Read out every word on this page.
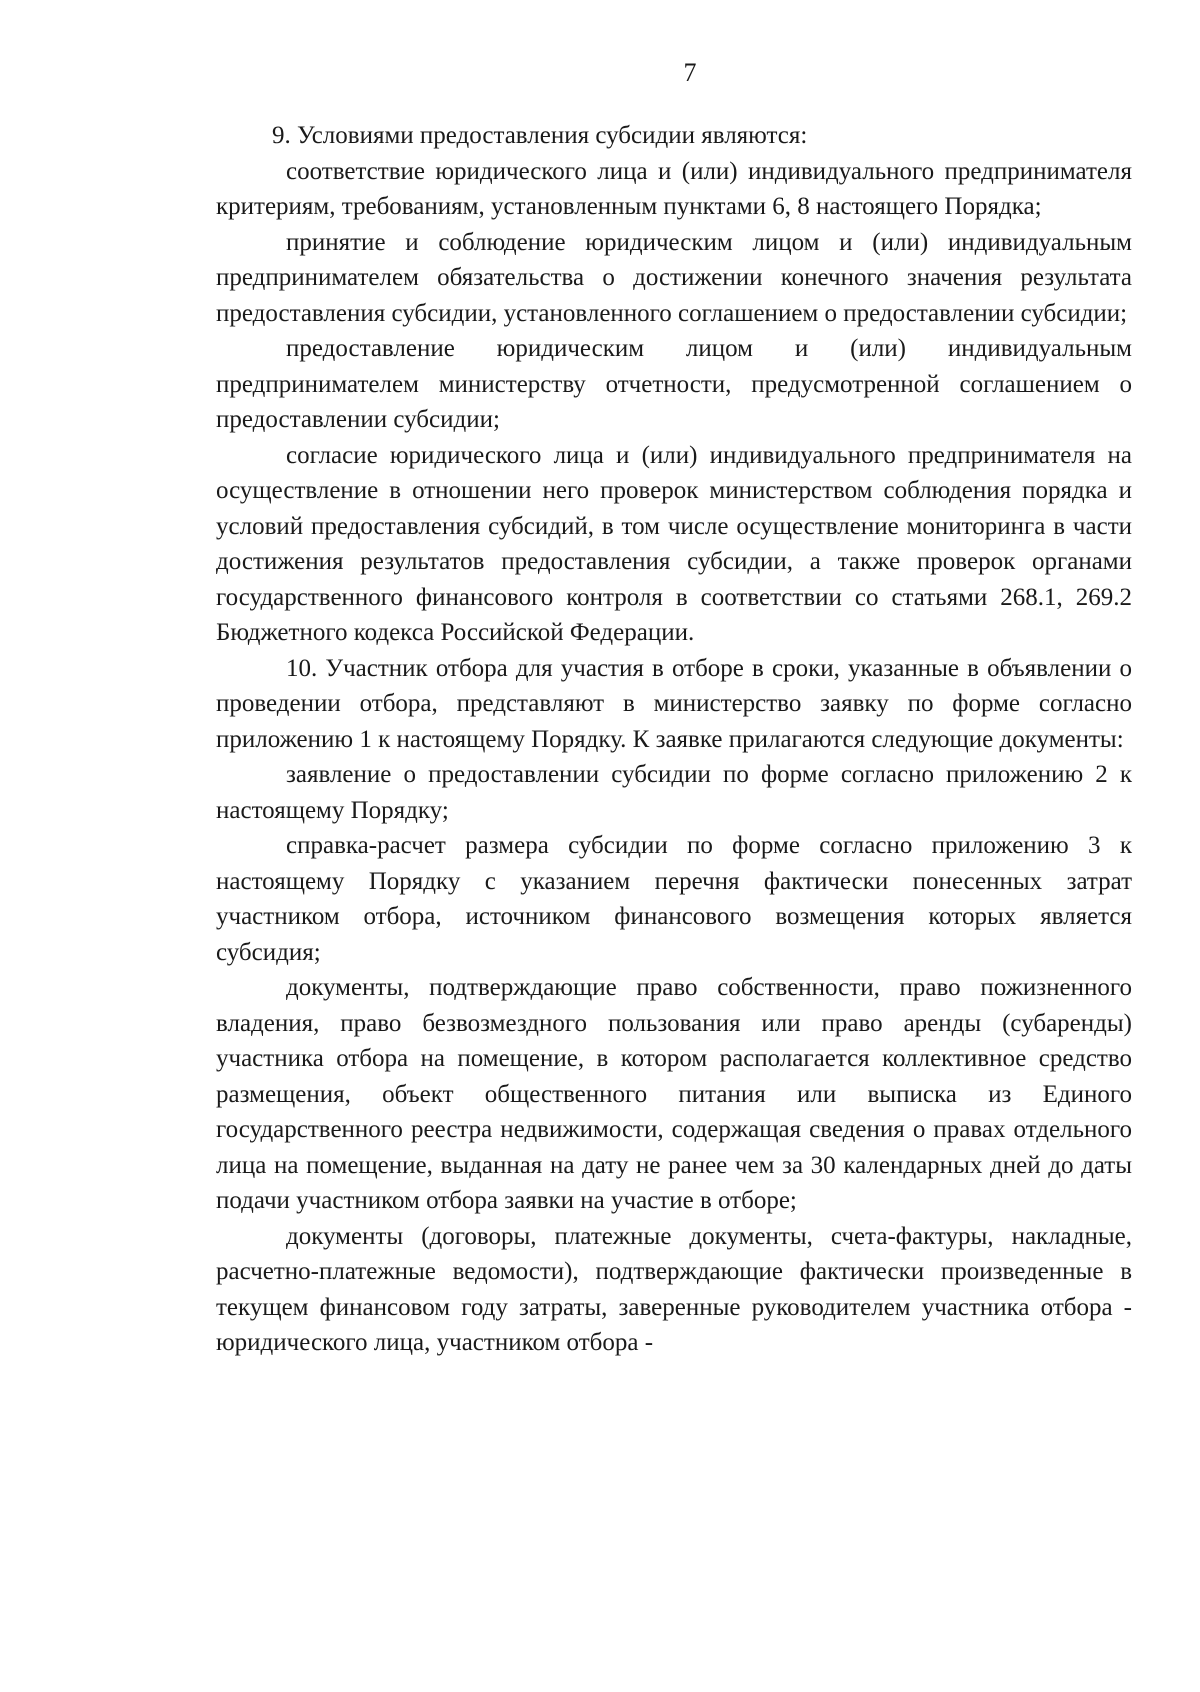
7

9. Условиями предоставления субсидии являются:

соответствие юридического лица и (или) индивидуального предпринимателя критериям, требованиям, установленным пунктами 6, 8 настоящего Порядка;

принятие и соблюдение юридическим лицом и (или) индивидуальным предпринимателем обязательства о достижении конечного значения результата предоставления субсидии, установленного соглашением о предоставлении субсидии;

предоставление юридическим лицом и (или) индивидуальным предпринимателем министерству отчетности, предусмотренной соглашением о предоставлении субсидии;

согласие юридического лица и (или) индивидуального предпринимателя на осуществление в отношении него проверок министерством соблюдения порядка и условий предоставления субсидий, в том числе осуществление мониторинга в части достижения результатов предоставления субсидии, а также проверок органами государственного финансового контроля в соответствии со статьями 268.1, 269.2 Бюджетного кодекса Российской Федерации.

10. Участник отбора для участия в отборе в сроки, указанные в объявлении о проведении отбора, представляют в министерство заявку по форме согласно приложению 1 к настоящему Порядку. К заявке прилагаются следующие документы:

заявление о предоставлении субсидии по форме согласно приложению 2 к настоящему Порядку;

справка-расчет размера субсидии по форме согласно приложению 3 к настоящему Порядку с указанием перечня фактически понесенных затрат участником отбора, источником финансового возмещения которых является субсидия;

документы, подтверждающие право собственности, право пожизненного владения, право безвозмездного пользования или право аренды (субаренды) участника отбора на помещение, в котором располагается коллективное средство размещения, объект общественного питания или выписка из Единого государственного реестра недвижимости, содержащая сведения о правах отдельного лица на помещение, выданная на дату не ранее чем за 30 календарных дней до даты подачи участником отбора заявки на участие в отборе;

документы (договоры, платежные документы, счета-фактуры, накладные, расчетно-платежные ведомости), подтверждающие фактически произведенные в текущем финансовом году затраты, заверенные руководителем участника отбора - юридического лица, участником отбора -
